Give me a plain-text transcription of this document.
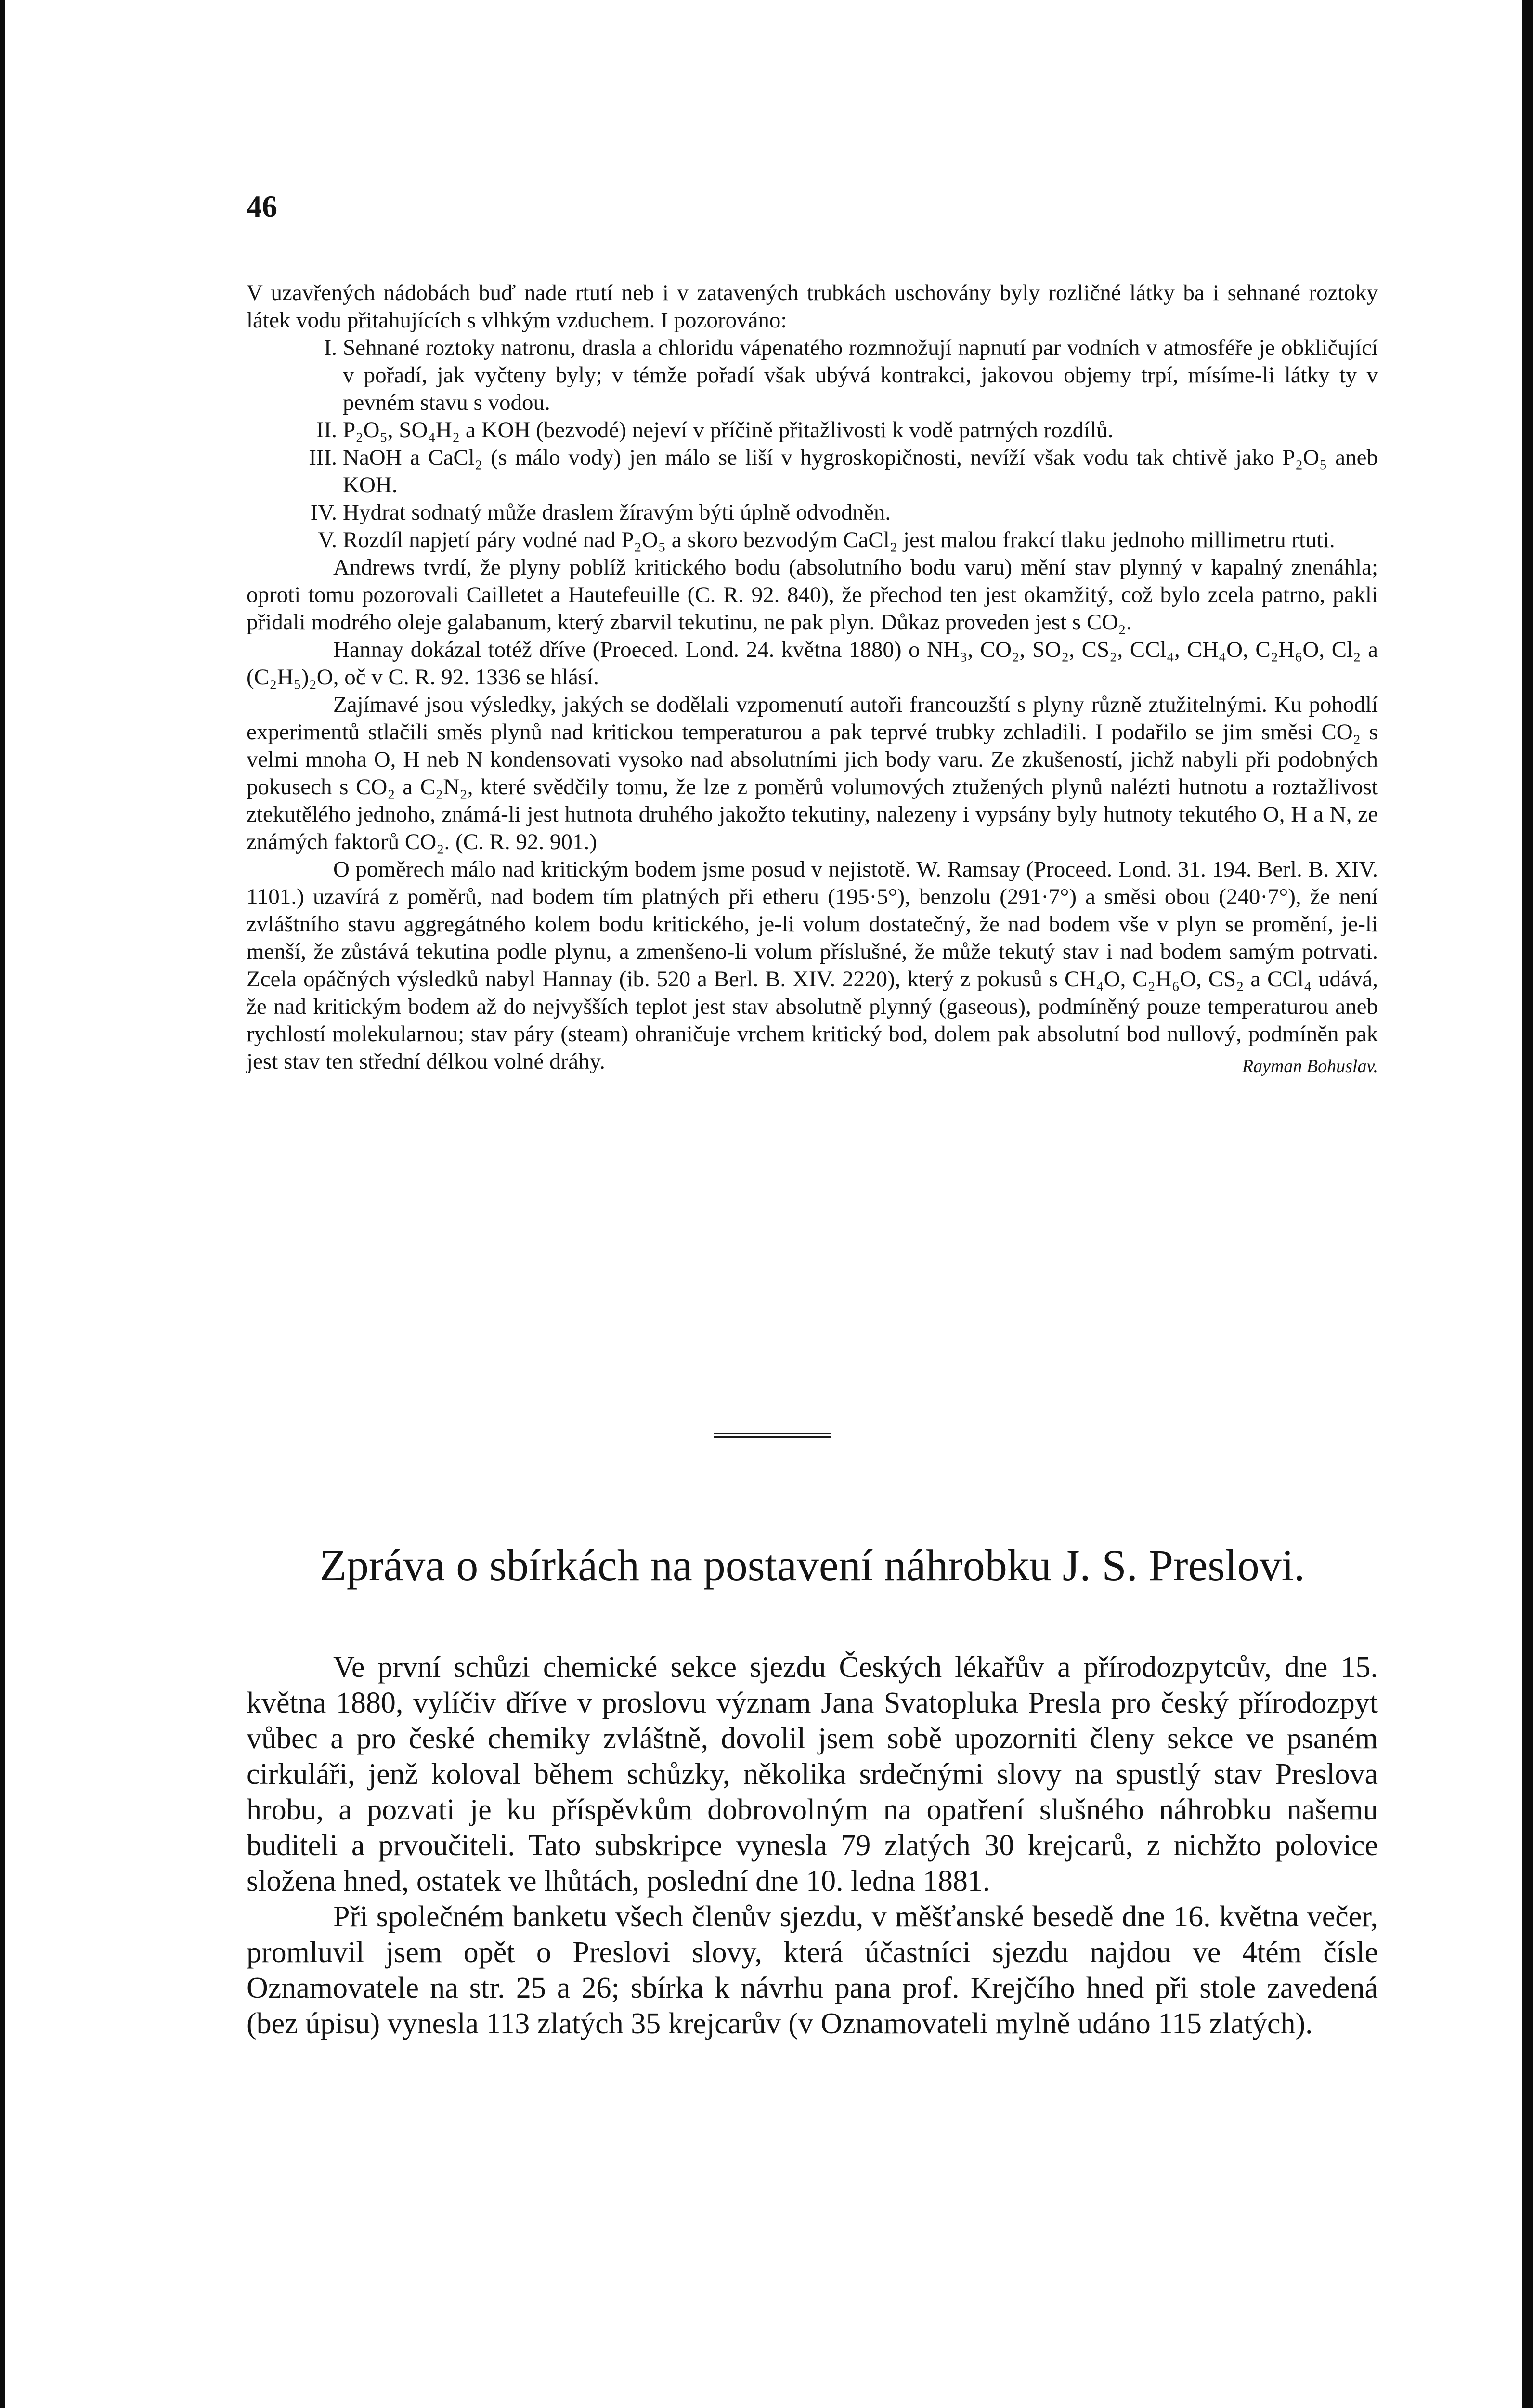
46

V uzavřených nádobách buď nade rtutí neb i v zatavených trubkách uschovány byly rozličné látky ba i sehnané roztoky látek vodu přitahujících s vlhkým vzduchem. I pozorováno:

I. Sehnané roztoky natronu, drasla a chloridu vápenatého rozmnožují napnutí par vodních v atmosféře je obkličující v pořadí, jak vyčteny byly; v témže pořadí však ubývá kontrakci, jakovou objemy trpí, mísíme-li látky ty v pevném stavu s vodou.

II. P₂O₅, SO₄H₂ a KOH (bezvodé) nejeví v příčině přitažlivosti k vodě patrných rozdílů.

III. NaOH a CaCl₂ (s málo vody) jen málo se liší v hygroskopičnosti, nevíží však vodu tak chtivě jako P₂O₅ aneb KOH.

IV. Hydrat sodnatý může draslem žíravým býti úplně odvodněn.

V. Rozdíl napjetí páry vodné nad P₂O₅ a skoro bezvodým CaCl₂ jest malou frakcí tlaku jednoho millimetru rtuti.

Andrews tvrdí, že plyny poblíž kritického bodu (absolutního bodu varu) mění stav plynný v kapalný znenáhla; oproti tomu pozorovali Cailletet a Hautefeuille (C. R. 92. 840), že přechod ten jest okamžitý, což bylo zcela patrno, pakli přidali modrého oleje galabanum, který zbarvil tekutinu, ne pak plyn. Důkaz proveden jest s CO₂.

Hannay dokázal totéž dříve (Proeced. Lond. 24. května 1880) o NH₃, CO₂, SO₂, CS₂, CCl₄, CH₄O, C₂H₆O, Cl₂ a (C₂H₅)₂O, oč v C. R. 92. 1336 se hlásí.

Zajímavé jsou výsledky, jakých se dodělali vzpomenutí autoři francouzští s plyny různě ztužitelnými. Ku pohodlí experimentů stlačili směs plynů nad kritickou temperaturou a pak teprvé trubky zchladili. I podařilo se jim směsi CO₂ s velmi mnoha O, H neb N kondensovati vysoko nad absolutními jich body varu. Ze zkušeností, jichž nabyli při podobných pokusech s CO₂ a C₂N₂, které svědčily tomu, že lze z poměrů volumových ztužených plynů nalézti hutnotu a roztažlivost ztekutělého jednoho, známá-li jest hutnota druhého jakožto tekutiny, nalezeny i vypsány byly hutnoty tekutého O, H a N, ze známých faktorů CO₂. (C. R. 92. 901.)

O poměrech málo nad kritickým bodem jsme posud v nejistotě. W. Ramsay (Proceed. Lond. 31. 194. Berl. B. XIV. 1101.) uzavírá z poměrů, nad bodem tím platných při etheru (195·5°), benzolu (291·7°) a směsi obou (240·7°), že není zvláštního stavu aggregátného kolem bodu kritického, je-li volum dostatečný, že nad bodem vše v plyn se promění, je-li menší, že zůstává tekutina podle plynu, a zmenšeno-li volum příslušné, že může tekutý stav i nad bodem samým potrvati. Zcela opáčných výsledků nabyl Hannay (ib. 520 a Berl. B. XIV. 2220), který z pokusů s CH₄O, C₂H₆O, CS₂ a CCl₄ udává, že nad kritickým bodem až do nejvyšších teplot jest stav absolutně plynný (gaseous), podmíněný pouze temperaturou aneb rychlostí molekularnou; stav páry (steam) ohraničuje vrchem kritický bod, dolem pak absolutní bod nullový, podmíněn pak jest stav ten střední délkou volné dráhy.	Rayman Bohuslav.

Zpráva o sbírkách na postavení náhrobku J. S. Preslovi.

Ve první schůzi chemické sekce sjezdu Českých lékařův a přírodozpytcův, dne 15. května 1880, vylíčiv dříve v proslovu význam Jana Svatopluka Presla pro český přírodozpyt vůbec a pro české chemiky zvláštně, dovolil jsem sobě upozorniti členy sekce ve psaném cirkuláři, jenž koloval během schůzky, několika srdečnými slovy na spustlý stav Preslova hrobu, a pozvati je ku příspěvkům dobrovolným na opatření slušného náhrobku našemu buditeli a prvoučiteli. Tato subskripce vynesla 79 zlatých 30 krejcarů, z nichžto polovice složena hned, ostatek ve lhůtách, poslední dne 10. ledna 1881.

Při společném banketu všech členův sjezdu, v měšťanské besedě dne 16. května večer, promluvil jsem opět o Preslovi slovy, která účastníci sjezdu najdou ve 4tém čísle Oznamovatele na str. 25 a 26; sbírka k návrhu pana prof. Krejčího hned při stole zavedená (bez úpisu) vynesla 113 zlatých 35 krejcarův (v Oznamovateli mylně udáno 115 zlatých).
